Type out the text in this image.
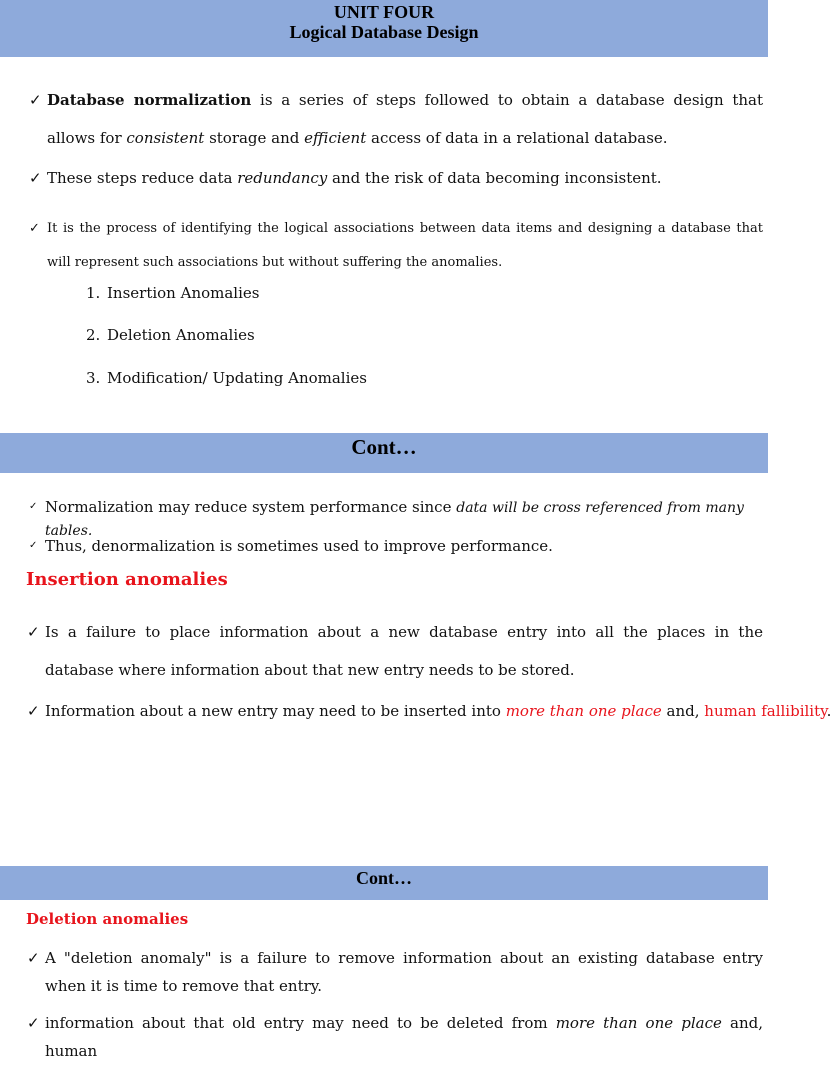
UNIT FOUR
Logical Database Design
✓ Database normalization is a series of steps followed to obtain a database design that allows for consistent storage and efficient access of data in a relational database.
✓ These steps reduce data redundancy and the risk of data becoming inconsistent.
✓ It is the process of identifying the logical associations between data items and designing a database that will represent such associations but without suffering the anomalies.
1. Insertion Anomalies
2. Deletion Anomalies
3. Modification/ Updating Anomalies
Cont…
✓ Normalization may reduce system performance since data will be cross referenced from many tables.
✓ Thus, denormalization is sometimes used to improve performance.
Insertion anomalies
✓ Is a failure to place information about a new database entry into all the places in the database where information about that new entry needs to be stored.
✓ Information about a new entry may need to be inserted into more than one place and, human fallibility.
Cont…
Deletion anomalies
✓ A "deletion anomaly" is a failure to remove information about an existing database entry when it is time to remove that entry.
✓ information about that old entry may need to be deleted from more than one place and, human
